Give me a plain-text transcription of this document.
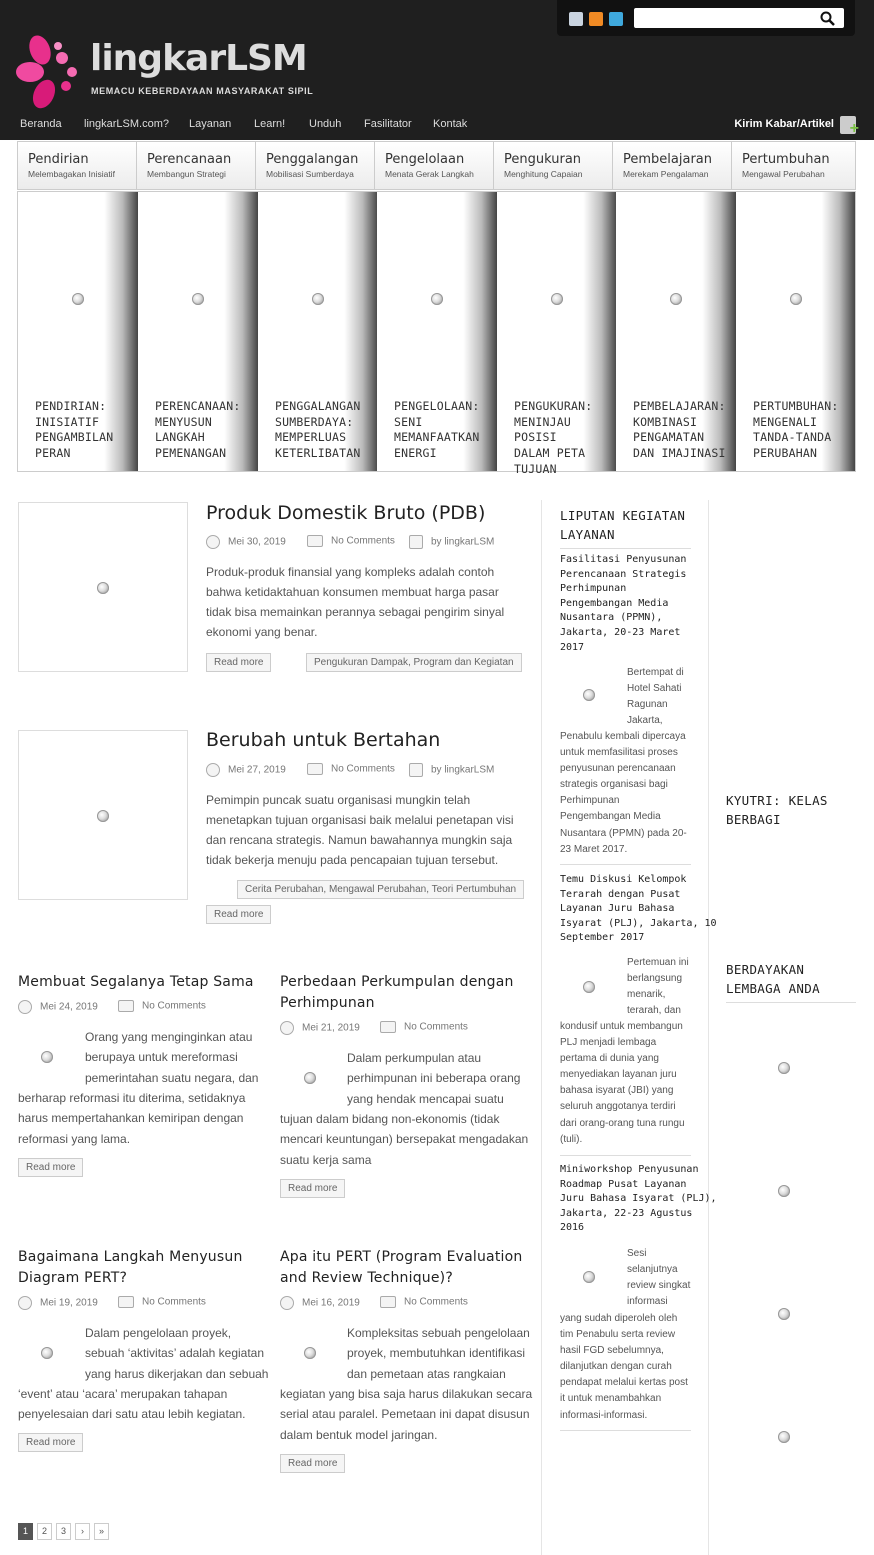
lingkarLSM
MEMACU KEBERDAYAAN MASYARAKAT SIPIL
Beranda lingkarLSM.com? Layanan Learn! Unduh Fasilitator Kontak	Kirim Kabar/Artikel
+
Pendirian
Melembagakan Inisiatif
Perencanaan
Membangun Strategi
Penggalangan
Mobilisasi Sumberdaya
Pengelolaan
Menata Gerak Langkah
Pengukuran
Menghitung Capaian
Pembelajaran
Merekam Pengalaman
Pertumbuhan
Mengawal Perubahan
PENDIRIAN:
INISIATIF
PENGAMBILAN
PERAN
PERENCANAAN:
MENYUSUN
LANGKAH
PEMENANGAN
PENGGALANGAN
SUMBERDAYA:
MEMPERLUAS
KETERLIBATAN
PENGELOLAAN:
SENI
MEMANFAATKAN
ENERGI
PENGUKURAN:
MENINJAU POSISI
DALAM PETA
TUJUAN
PEMBELAJARAN:
KOMBINASI
PENGAMATAN
DAN IMAJINASI
PERTUMBUHAN:
MENGENALI
TANDA-TANDA
PERUBAHAN
Produk Domestik Bruto (PDB)
Mei 30, 2019	No Comments	by lingkarLSM
Produk-produk finansial yang kompleks adalah contoh
bahwa ketidaktahuan konsumen membuat harga pasar
tidak bisa memainkan perannya sebagai pengirim sinyal
ekonomi yang benar.
Read more	Pengukuran Dampak, Program dan Kegiatan
Berubah untuk Bertahan
Mei 27, 2019	No Comments	by lingkarLSM
Pemimpin puncak suatu organisasi mungkin telah
menetapkan tujuan organisasi baik melalui penetapan visi
dan rencana strategis. Namun bawahannya mungkin saja
tidak bekerja menuju pada pencapaian tujuan tersebut.
Cerita Perubahan, Mengawal Perubahan, Teori Pertumbuhan
Read more
Membuat Segalanya Tetap Sama
Mei 24, 2019	No Comments
Orang yang menginginkan atau
berupaya untuk mereformasi
pemerintahan suatu negara, dan
berharap reformasi itu diterima, setidaknya
harus mempertahankan kemiripan dengan
reformasi yang lama.
Read more
Perbedaan Perkumpulan dengan
Perhimpunan
Mei 21, 2019	No Comments
Dalam perkumpulan atau
perhimpunan ini beberapa orang
yang hendak mencapai suatu
tujuan dalam bidang non-ekonomis (tidak
mencari keuntungan) bersepakat mengadakan
suatu kerja sama
Read more
Bagaimana Langkah Menyusun
Diagram PERT?
Mei 19, 2019	No Comments
Dalam pengelolaan proyek,
sebuah ‘aktivitas’ adalah kegiatan
yang harus dikerjakan dan sebuah
‘event’ atau ‘acara’ merupakan tahapan
penyelesaian dari satu atau lebih kegiatan.
Read more
Apa itu PERT (Program Evaluation
and Review Technique)?
Mei 16, 2019	No Comments
Kompleksitas sebuah pengelolaan
proyek, membutuhkan identifikasi
dan pemetaan atas rangkaian
kegiatan yang bisa saja harus dilakukan secara
serial atau paralel. Pemetaan ini dapat disusun
dalam bentuk model jaringan.
Read more
1	2	3	›	»
LIPUTAN KEGIATAN
LAYANAN
Fasilitasi Penyusunan
Perencanaan Strategis
Perhimpunan
Pengembangan Media
Nusantara (PPMN),
Jakarta, 20-23 Maret
2017
Bertempat di
Hotel Sahati
Ragunan
Jakarta,
Penabulu kembali dipercaya
untuk memfasilitasi proses
penyusunan perencanaan
strategis organisasi bagi
Perhimpunan
Pengembangan Media
Nusantara (PPMN) pada 20-
23 Maret 2017.
Temu Diskusi Kelompok
Terarah dengan Pusat
Layanan Juru Bahasa
Isyarat (PLJ), Jakarta, 10
September 2017
Pertemuan ini
berlangsung
menarik,
terarah, dan
kondusif untuk membangun
PLJ menjadi lembaga
pertama di dunia yang
menyediakan layanan juru
bahasa isyarat (JBI) yang
seluruh anggotanya terdiri
dari orang-orang tuna rungu
(tuli).
Miniworkshop Penyusunan
Roadmap Pusat Layanan
Juru Bahasa Isyarat (PLJ),
Jakarta, 22-23 Agustus
2016
Sesi
selanjutnya
review singkat
informasi
yang sudah diperoleh oleh
tim Penabulu serta review
hasil FGD sebelumnya,
dilanjutkan dengan curah
pendapat melalui kertas post
it untuk menambahkan
informasi-informasi.
KYUTRI: KELAS
BERBAGI
BERDAYAKAN
LEMBAGA ANDA
